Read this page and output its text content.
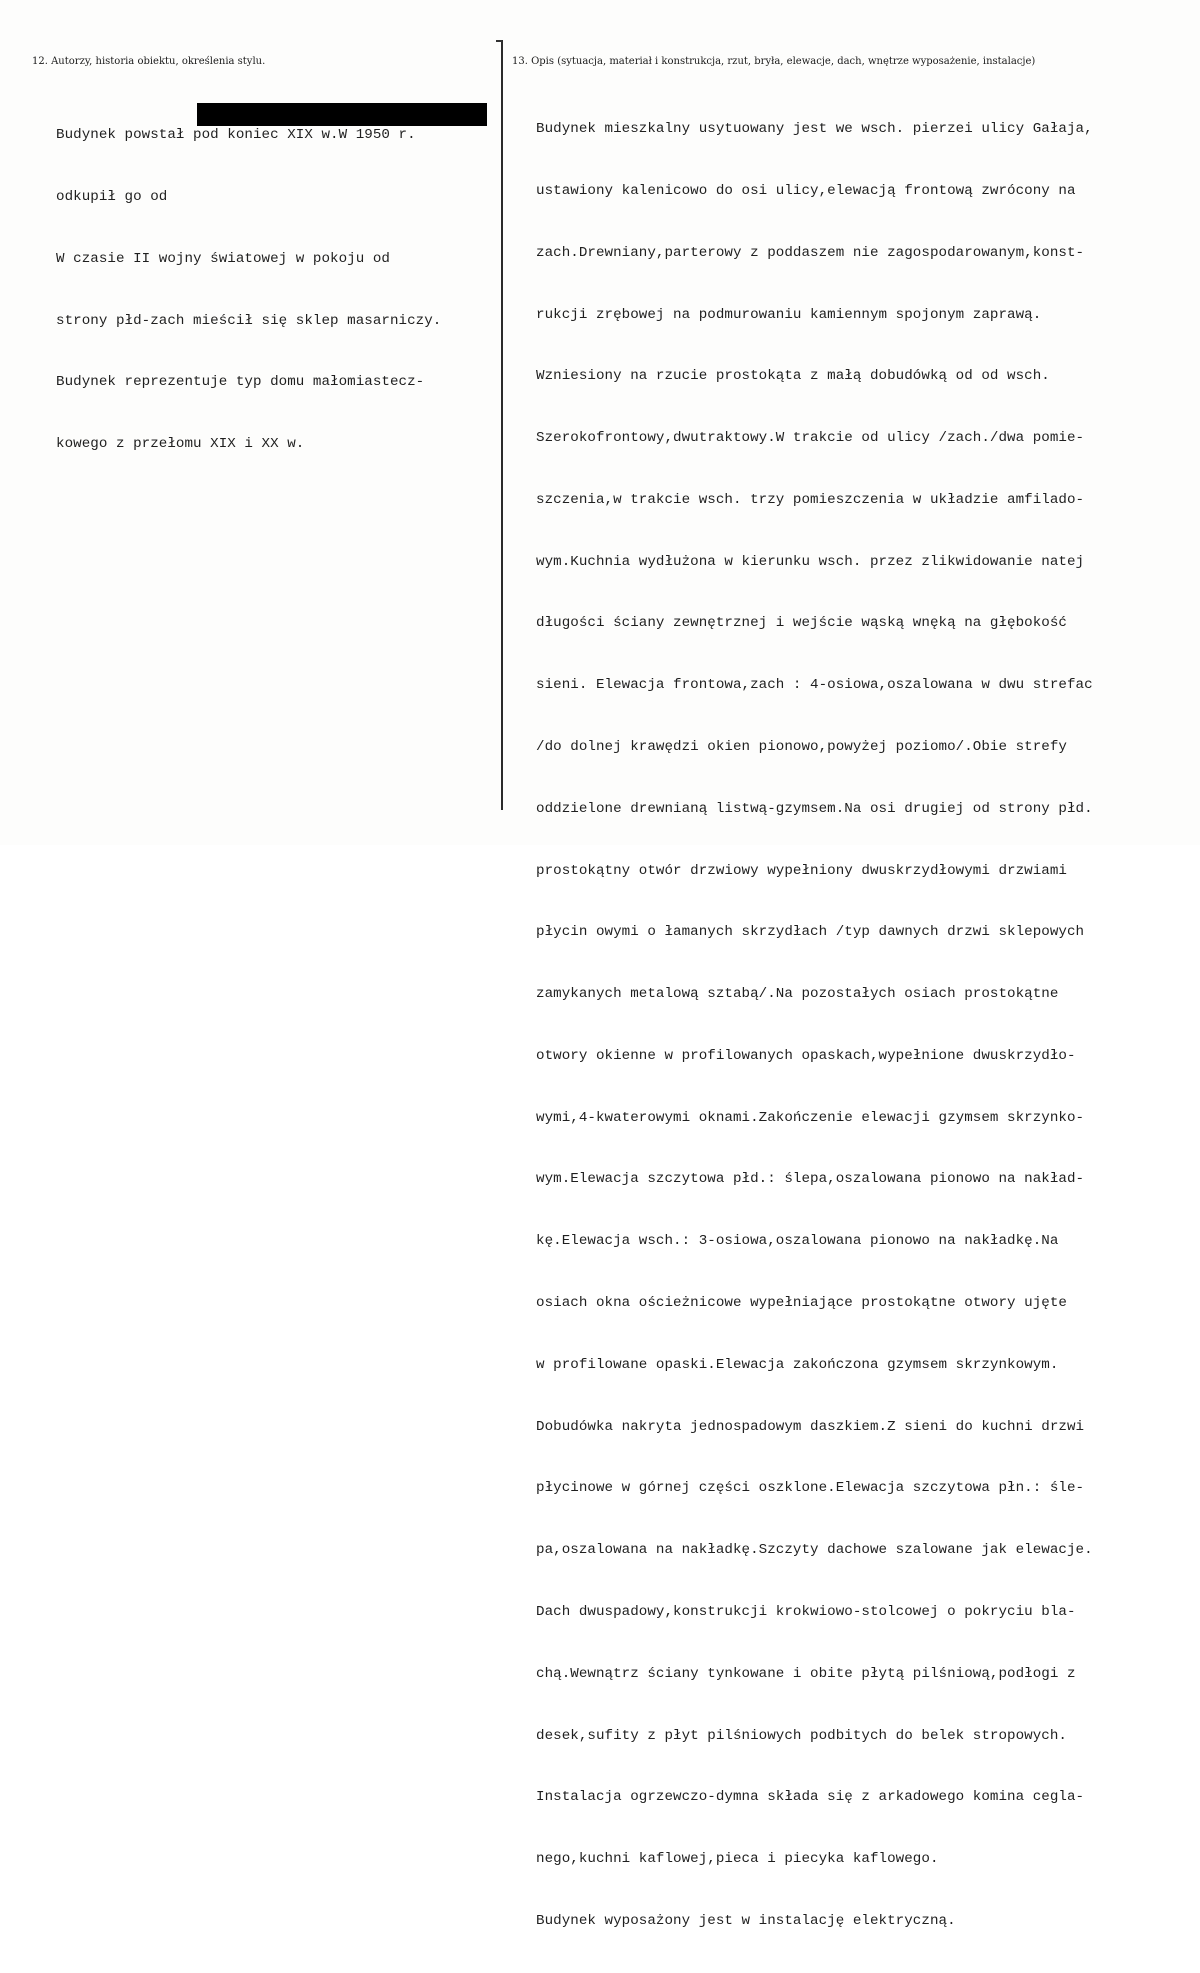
12. Autorzy, historia obiektu, określenia stylu.	13. Opis (sytuacja, materiał i konstrukcja, rzut, bryła, elewacje, dach, wnętrze wyposażenie, instalacje)

Budynek powstał pod koniec XIX w.W 1950 r.

odkupił go od

W czasie II wojny światowej w pokoju od

strony płd-zach mieścił się sklep masarniczy.

Budynek reprezentuje typ domu małomiastecz-

kowego z przełomu XIX i XX w.

Budynek mieszkalny usytuowany jest we wsch. pierzei ulicy Gałaja,

ustawiony kalenicowo do osi ulicy,elewacją frontową zwrócony na

zach.Drewniany,parterowy z poddaszem nie zagospodarowanym,konst-

rukcji zrębowej na podmurowaniu kamiennym spojonym zaprawą.

Wzniesiony na rzucie prostokąta z małą dobudówką od od wsch.

Szerokofrontowy,dwutraktowy.W trakcie od ulicy /zach./dwa pomie-

szczenia,w trakcie wsch. trzy pomieszczenia w układzie amfilado-

wym.Kuchnia wydłużona w kierunku wsch. przez zlikwidowanie natej

długości ściany zewnętrznej i wejście wąską wnęką na głębokość

sieni. Elewacja frontowa,zach : 4-osiowa,oszalowana w dwu strefac

/do dolnej krawędzi okien pionowo,powyżej poziomo/.Obie strefy

oddzielone drewnianą listwą-gzymsem.Na osi drugiej od strony płd.

prostokątny otwór drzwiowy wypełniony dwuskrzydłowymi drzwiami

płycin owymi o łamanych skrzydłach /typ dawnych drzwi sklepowych

zamykanych metalową sztabą/.Na pozostałych osiach prostokątne

otwory okienne w profilowanych opaskach,wypełnione dwuskrzydło-

wymi,4-kwaterowymi oknami.Zakończenie elewacji gzymsem skrzynko-

wym.Elewacja szczytowa płd.: ślepa,oszalowana pionowo na nakład-

kę.Elewacja wsch.: 3-osiowa,oszalowana pionowo na nakładkę.Na

osiach okna ościeżnicowe wypełniające prostokątne otwory ujęte

w profilowane opaski.Elewacja zakończona gzymsem skrzynkowym.

Dobudówka nakryta jednospadowym daszkiem.Z sieni do kuchni drzwi

płycinowe w górnej części oszklone.Elewacja szczytowa płn.: śle-

pa,oszalowana na nakładkę.Szczyty dachowe szalowane jak elewacje.

Dach dwuspadowy,konstrukcji krokwiowo-stolcowej o pokryciu bla-

chą.Wewnątrz ściany tynkowane i obite płytą pilśniową,podłogi z

desek,sufity z płyt pilśniowych podbitych do belek stropowych.

Instalacja ogrzewczo-dymna składa się z arkadowego komina cegla-

nego,kuchni kaflowej,pieca i piecyka kaflowego.

Budynek wyposażony jest w instalację elektryczną.
